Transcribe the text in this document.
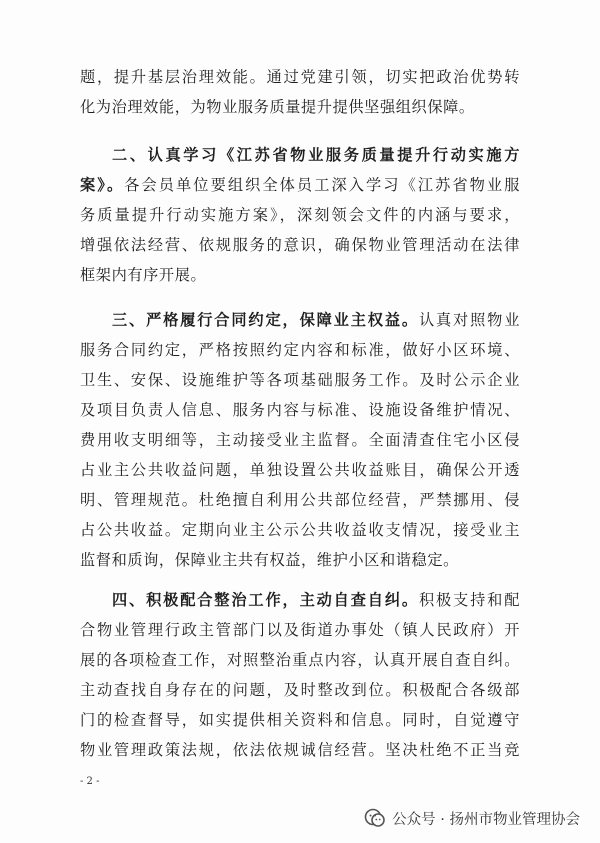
题，提升基层治理效能。通过党建引领，切实把政治优势转
化为治理效能，为物业服务质量提升提供坚强组织保障。
二、认真学习《江苏省物业服务质量提升行动实施方
案》。各会员单位要组织全体员工深入学习《江苏省物业服
务质量提升行动实施方案》，深刻领会文件的内涵与要求，
增强依法经营、依规服务的意识，确保物业管理活动在法律
框架内有序开展。
三、严格履行合同约定，保障业主权益。认真对照物业
服务合同约定，严格按照约定内容和标准，做好小区环境、
卫生、安保、设施维护等各项基础服务工作。及时公示企业
及项目负责人信息、服务内容与标准、设施设备维护情况、
费用收支明细等，主动接受业主监督。全面清查住宅小区侵
占业主公共收益问题，单独设置公共收益账目，确保公开透
明、管理规范。杜绝擅自利用公共部位经营，严禁挪用、侵
占公共收益。定期向业主公示公共收益收支情况，接受业主
监督和质询，保障业主共有权益，维护小区和谐稳定。
四、积极配合整治工作，主动自查自纠。积极支持和配
合物业管理行政主管部门以及街道办事处（镇人民政府）开
展的各项检查工作，对照整治重点内容，认真开展自查自纠。
主动查找自身存在的问题，及时整改到位。积极配合各级部
门的检查督导，如实提供相关资料和信息。同时，自觉遵守
物业管理政策法规，依法依规诚信经营。坚决杜绝不正当竞
- 2 -
公众号 · 扬州市物业管理协会
